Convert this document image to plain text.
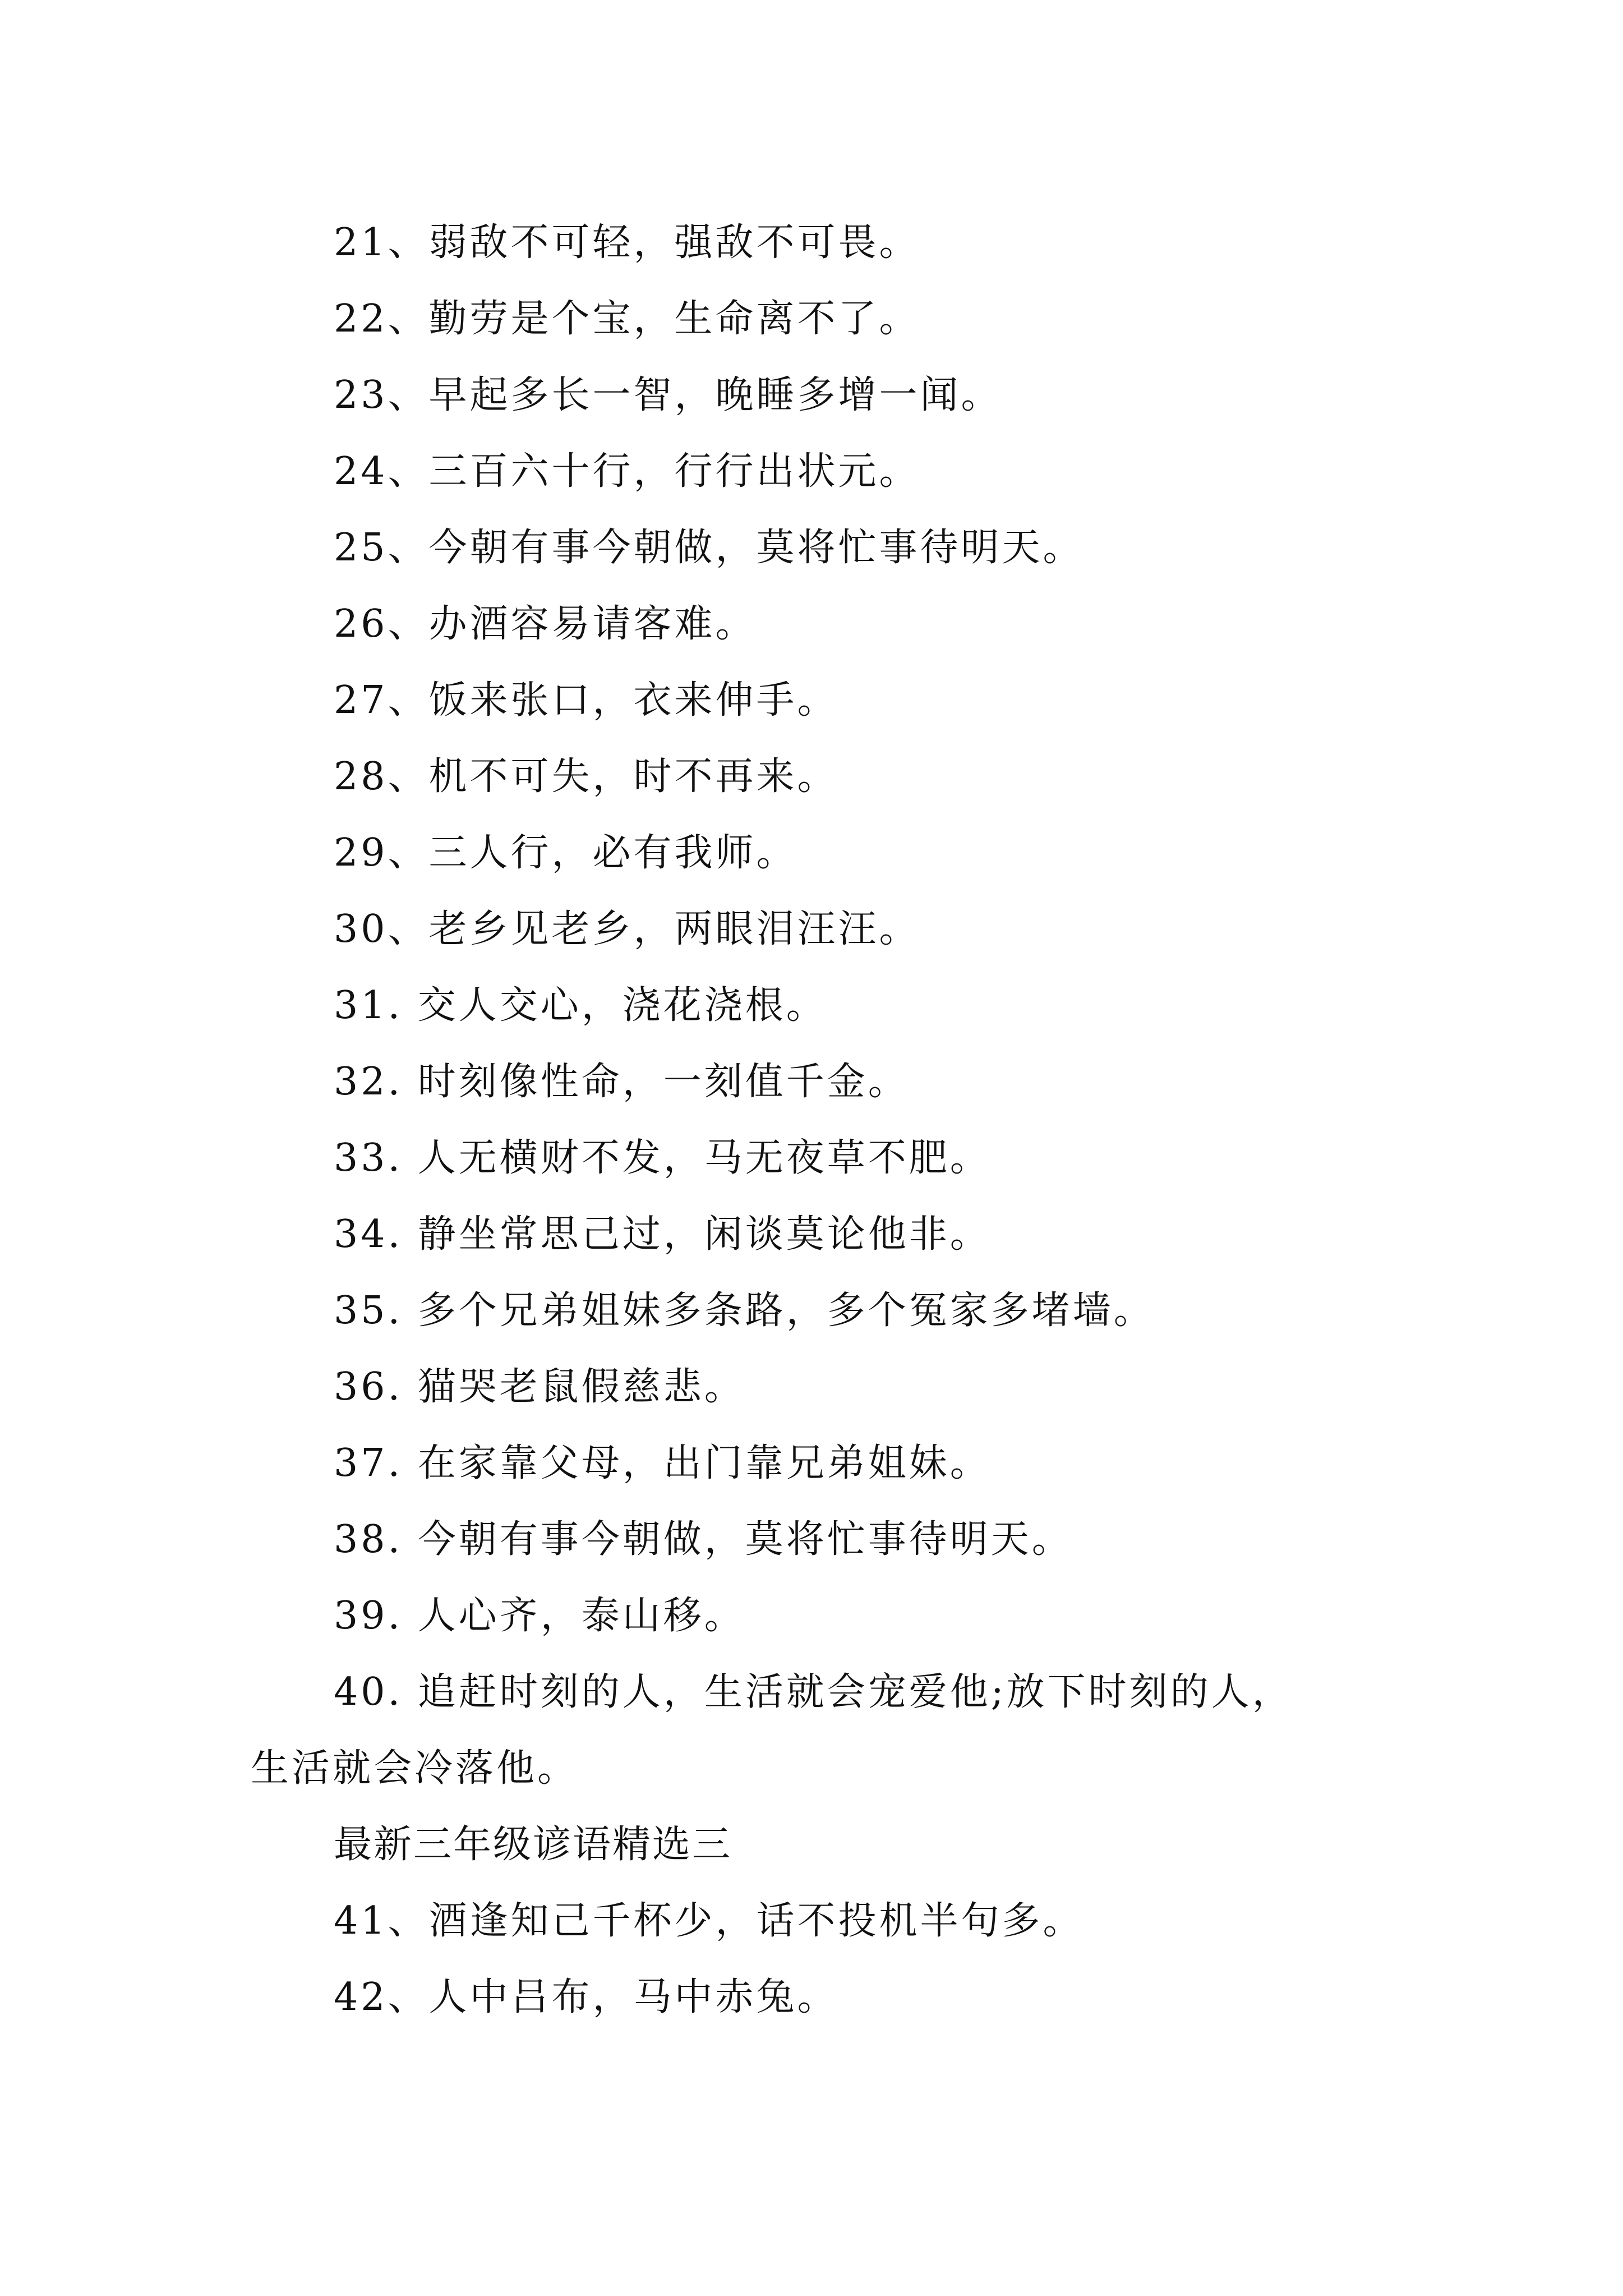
21、弱敌不可轻，强敌不可畏。
22、勤劳是个宝，生命离不了。
23、早起多长一智，晚睡多增一闻。
24、三百六十行，行行出状元。
25、今朝有事今朝做，莫将忙事待明天。
26、办酒容易请客难。
27、饭来张口，衣来伸手。
28、机不可失，时不再来。
29、三人行，必有我师。
30、老乡见老乡，两眼泪汪汪。
31. 交人交心，浇花浇根。
32. 时刻像性命，一刻值千金。
33. 人无横财不发，马无夜草不肥。
34. 静坐常思己过，闲谈莫论他非。
35. 多个兄弟姐妹多条路，多个冤家多堵墙。
36. 猫哭老鼠假慈悲。
37. 在家靠父母，出门靠兄弟姐妹。
38. 今朝有事今朝做，莫将忙事待明天。
39. 人心齐，泰山移。
40. 追赶时刻的人，生活就会宠爱他;放下时刻的人，
生活就会冷落他。
最新三年级谚语精选三
41、酒逢知己千杯少，话不投机半句多。
42、人中吕布，马中赤兔。
